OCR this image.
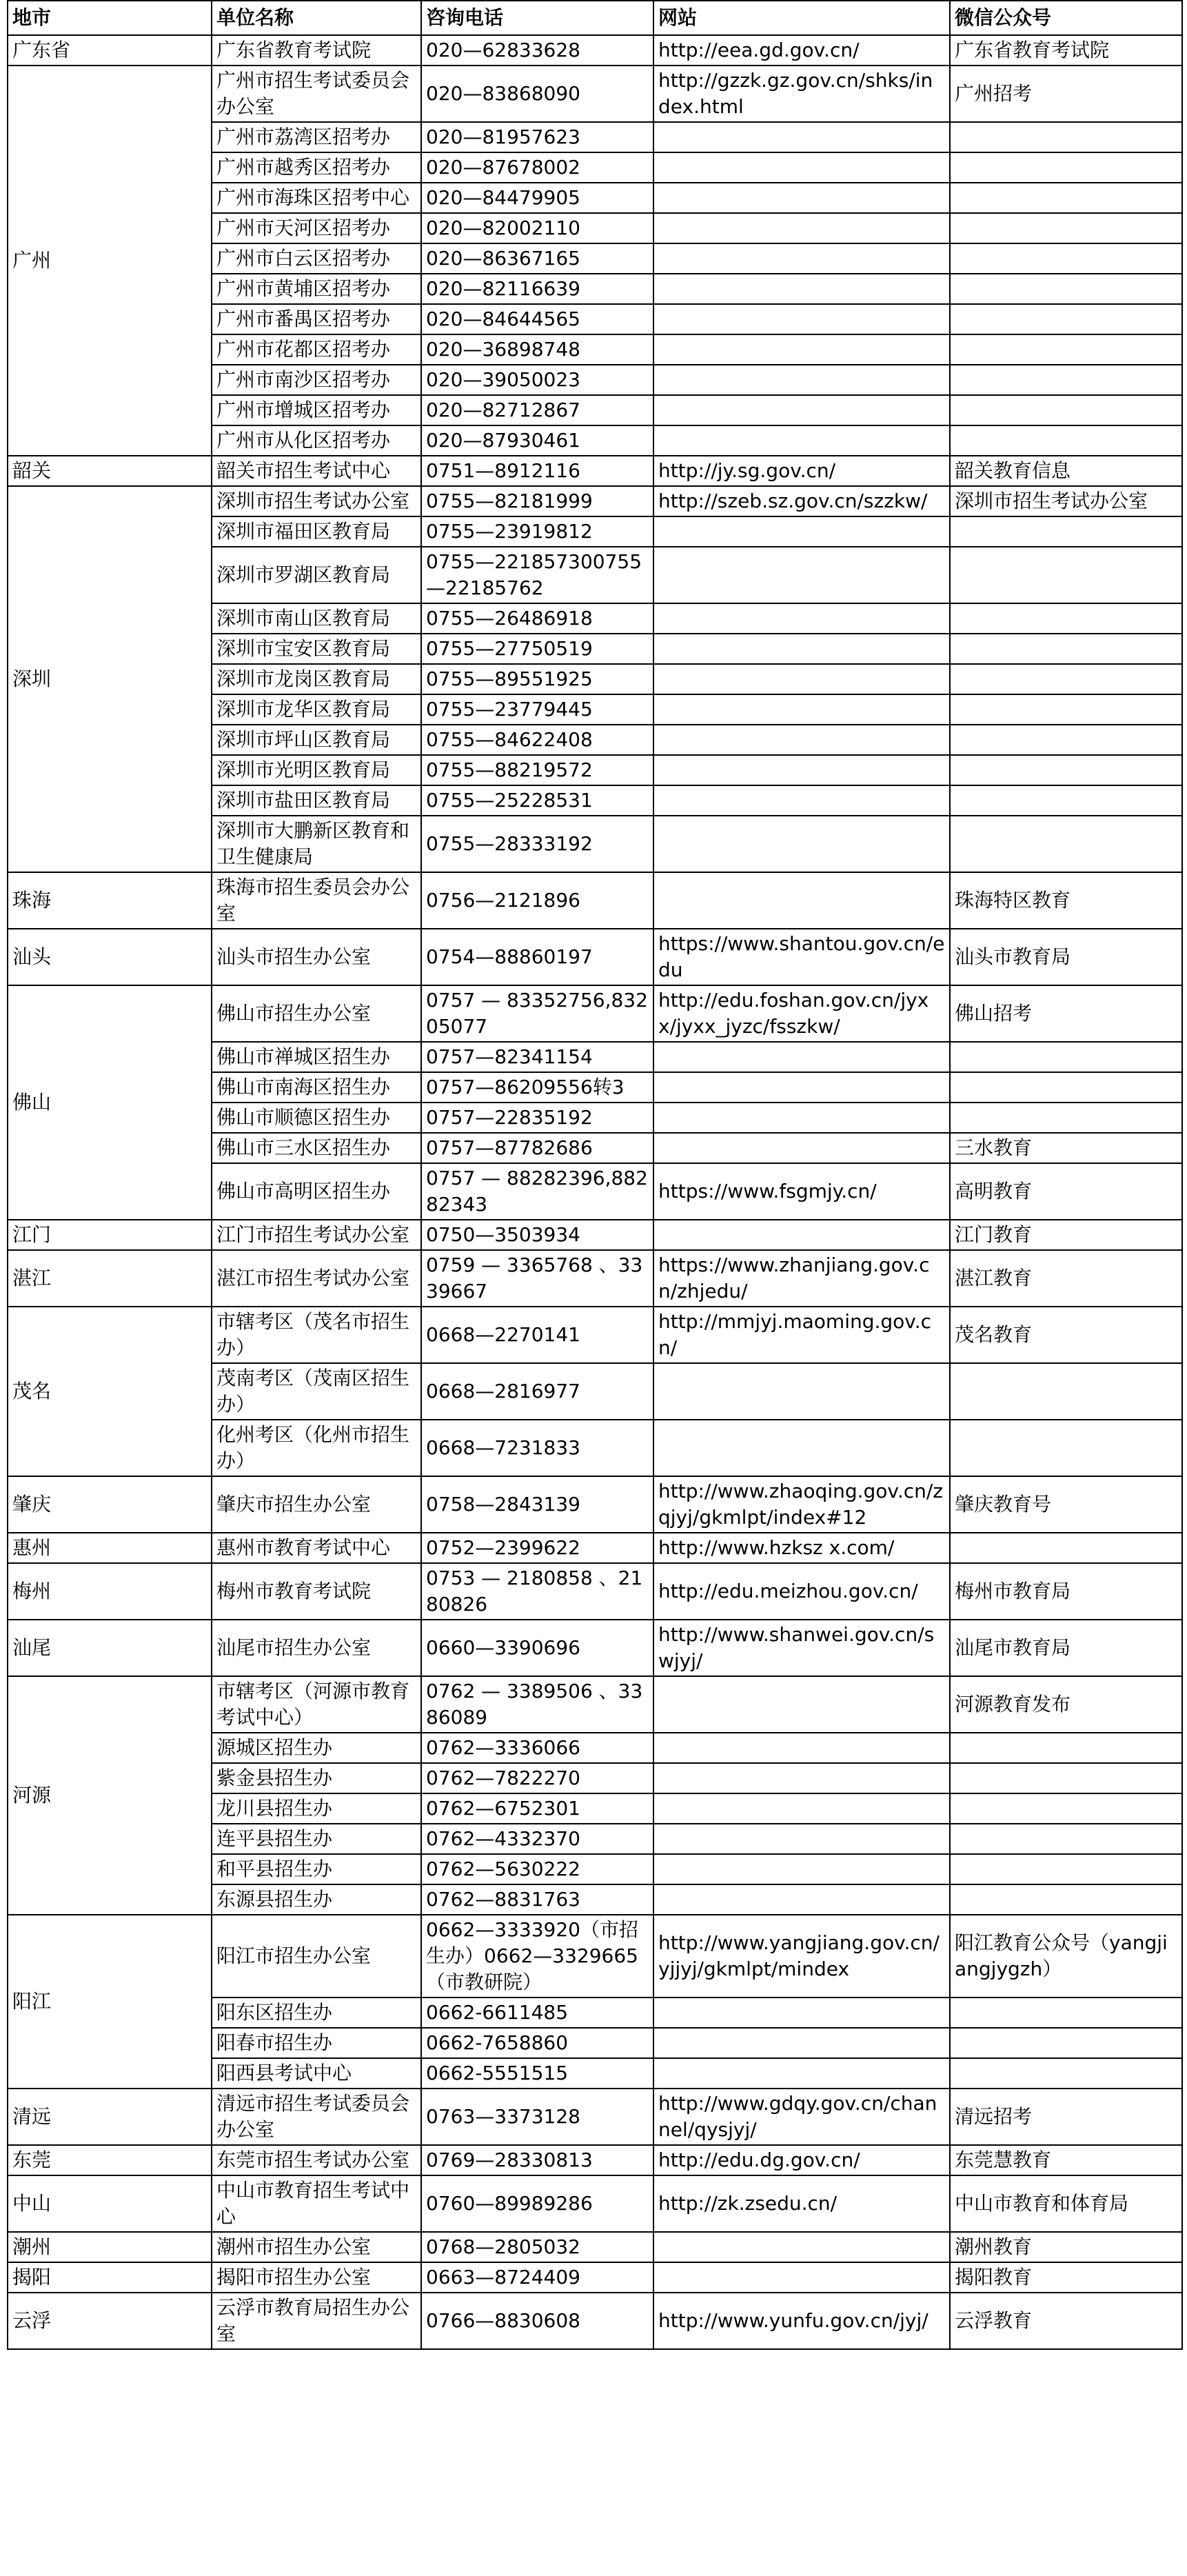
地市	单位名称	咨询电话	网站	微信公众号
广东省	广东省教育考试院	020—62833628	http://eea.gd.gov.cn/	广东省教育考试院
广州	广州市招生考试委员会办公室	020—83868090	http://gzzk.gz.gov.cn/shks/index.html	广州招考
	广州市荔湾区招考办	020—81957623		
	广州市越秀区招考办	020—87678002		
	广州市海珠区招考中心	020—84479905		
	广州市天河区招考办	020—82002110		
	广州市白云区招考办	020—86367165		
	广州市黄埔区招考办	020—82116639		
	广州市番禺区招考办	020—84644565		
	广州市花都区招考办	020—36898748		
	广州市南沙区招考办	020—39050023		
	广州市增城区招考办	020—82712867		
	广州市从化区招考办	020—87930461		
韶关	韶关市招生考试中心	0751—8912116	http://jy.sg.gov.cn/	韶关教育信息
深圳	深圳市招生考试办公室	0755—82181999	http://szeb.sz.gov.cn/szzkw/	深圳市招生考试办公室
	深圳市福田区教育局	0755—23919812		
	深圳市罗湖区教育局	0755—221857300755—22185762		
	深圳市南山区教育局	0755—26486918		
	深圳市宝安区教育局	0755—27750519		
	深圳市龙岗区教育局	0755—89551925		
	深圳市龙华区教育局	0755—23779445		
	深圳市坪山区教育局	0755—84622408		
	深圳市光明区教育局	0755—88219572		
	深圳市盐田区教育局	0755—25228531		
	深圳市大鹏新区教育和卫生健康局	0755—28333192		
珠海	珠海市招生委员会办公室	0756—2121896		珠海特区教育
汕头	汕头市招生办公室	0754—88860197	https://www.shantou.gov.cn/edu	汕头市教育局
佛山	佛山市招生办公室	0757 — 83352756,83205077	http://edu.foshan.gov.cn/jyxx/jyxx_jyzc/fsszkw/	佛山招考
	佛山市禅城区招生办	0757—82341154		
	佛山市南海区招生办	0757—86209556转3		
	佛山市顺德区招生办	0757—22835192		
	佛山市三水区招生办	0757—87782686		三水教育
	佛山市高明区招生办	0757 — 88282396,88282343	https://www.fsgmjy.cn/	高明教育
江门	江门市招生考试办公室	0750—3503934		江门教育
湛江	湛江市招生考试办公室	0759 — 3365768 、3339667	https://www.zhanjiang.gov.cn/zhjedu/	湛江教育
茂名	市辖考区（茂名市招生办）	0668—2270141	http://mmjyj.maoming.gov.cn/	茂名教育
	茂南考区（茂南区招生办）	0668—2816977		
	化州考区（化州市招生办）	0668—7231833		
肇庆	肇庆市招生办公室	0758—2843139	http://www.zhaoqing.gov.cn/zqjyj/gkmlpt/index#12	肇庆教育号
惠州	惠州市教育考试中心	0752—2399622	http://www.hzksz x.com/	
梅州	梅州市教育考试院	0753 — 2180858 、2180826	http://edu.meizhou.gov.cn/	梅州市教育局
汕尾	汕尾市招生办公室	0660—3390696	http://www.shanwei.gov.cn/swjyj/	汕尾市教育局
河源	市辖考区（河源市教育考试中心）	0762 — 3389506 、3386089		河源教育发布
	源城区招生办	0762—3336066		
	紫金县招生办	0762—7822270		
	龙川县招生办	0762—6752301		
	连平县招生办	0762—4332370		
	和平县招生办	0762—5630222		
	东源县招生办	0762—8831763		
阳江	阳江市招生办公室	0662—3333920（市招生办）0662—3329665（市教研院）	http://www.yangjiang.gov.cn/yjjyj/gkmlpt/mindex	阳江教育公众号（yangjiangjygzh）
	阳东区招生办	0662-6611485		
	阳春市招生办	0662-7658860		
	阳西县考试中心	0662-5551515		
清远	清远市招生考试委员会办公室	0763—3373128	http://www.gdqy.gov.cn/channel/qysjyj/	清远招考
东莞	东莞市招生考试办公室	0769—28330813	http://edu.dg.gov.cn/	东莞慧教育
中山	中山市教育招生考试中心	0760—89989286	http://zk.zsedu.cn/	中山市教育和体育局
潮州	潮州市招生办公室	0768—2805032		潮州教育
揭阳	揭阳市招生办公室	0663—8724409		揭阳教育
云浮	云浮市教育局招生办公室	0766—8830608	http://www.yunfu.gov.cn/jyj/	云浮教育
